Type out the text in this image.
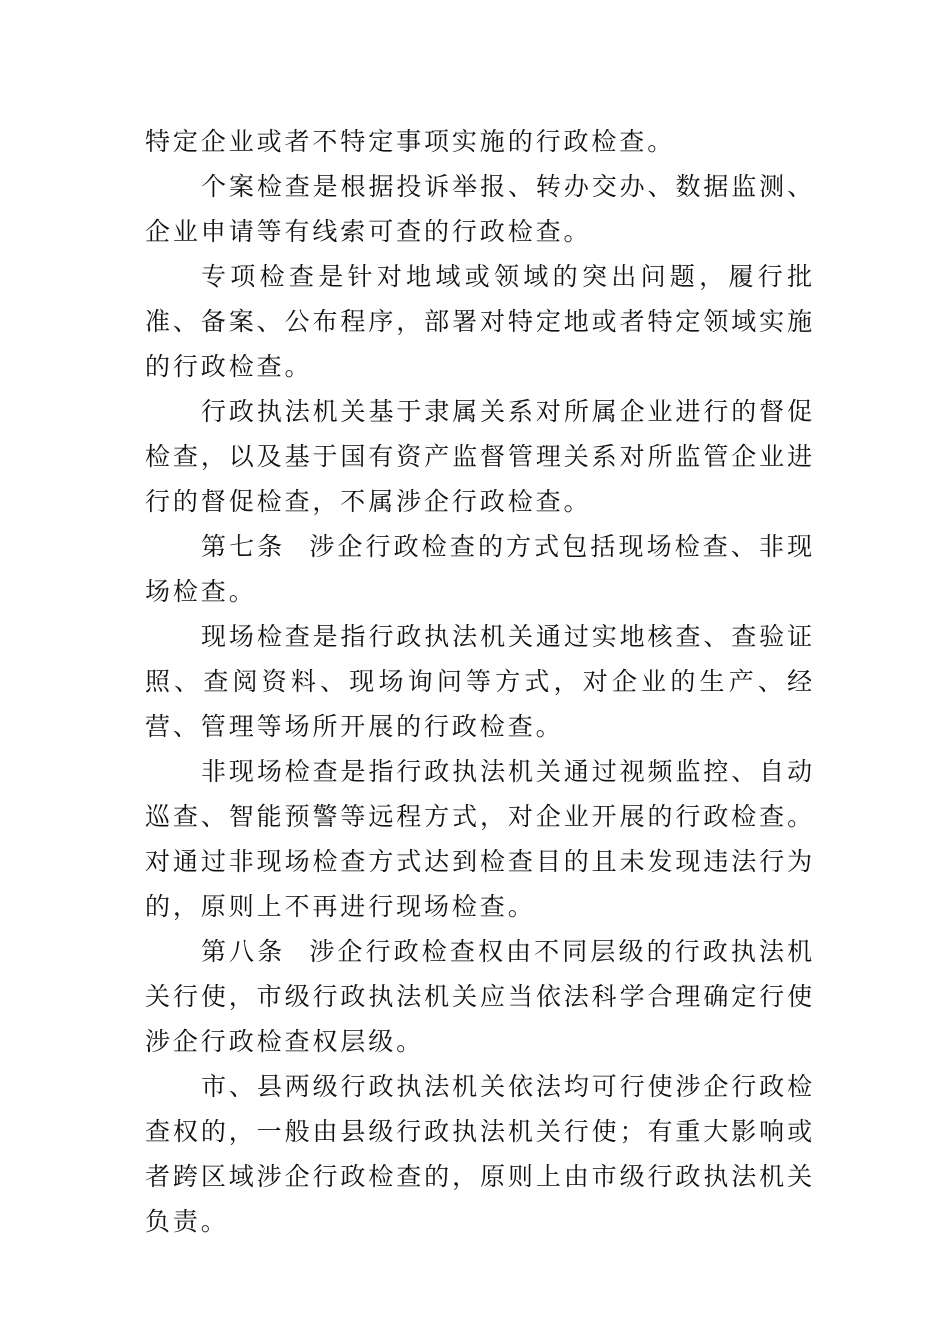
特定企业或者不特定事项实施的行政检查。

个案检查是根据投诉举报、转办交办、数据监测、企业申请等有线索可查的行政检查。

专项检查是针对地域或领域的突出问题，履行批准、备案、公布程序，部署对特定地或者特定领域实施的行政检查。

行政执法机关基于隶属关系对所属企业进行的督促检查，以及基于国有资产监督管理关系对所监管企业进行的督促检查，不属涉企行政检查。

第七条 涉企行政检查的方式包括现场检查、非现场检查。

现场检查是指行政执法机关通过实地核查、查验证照、查阅资料、现场询问等方式，对企业的生产、经营、管理等场所开展的行政检查。

非现场检查是指行政执法机关通过视频监控、自动巡查、智能预警等远程方式，对企业开展的行政检查。对通过非现场检查方式达到检查目的且未发现违法行为的，原则上不再进行现场检查。

第八条 涉企行政检查权由不同层级的行政执法机关行使，市级行政执法机关应当依法科学合理确定行使涉企行政检查权层级。

市、县两级行政执法机关依法均可行使涉企行政检查权的，一般由县级行政执法机关行使；有重大影响或者跨区域涉企行政检查的，原则上由市级行政执法机关负责。
